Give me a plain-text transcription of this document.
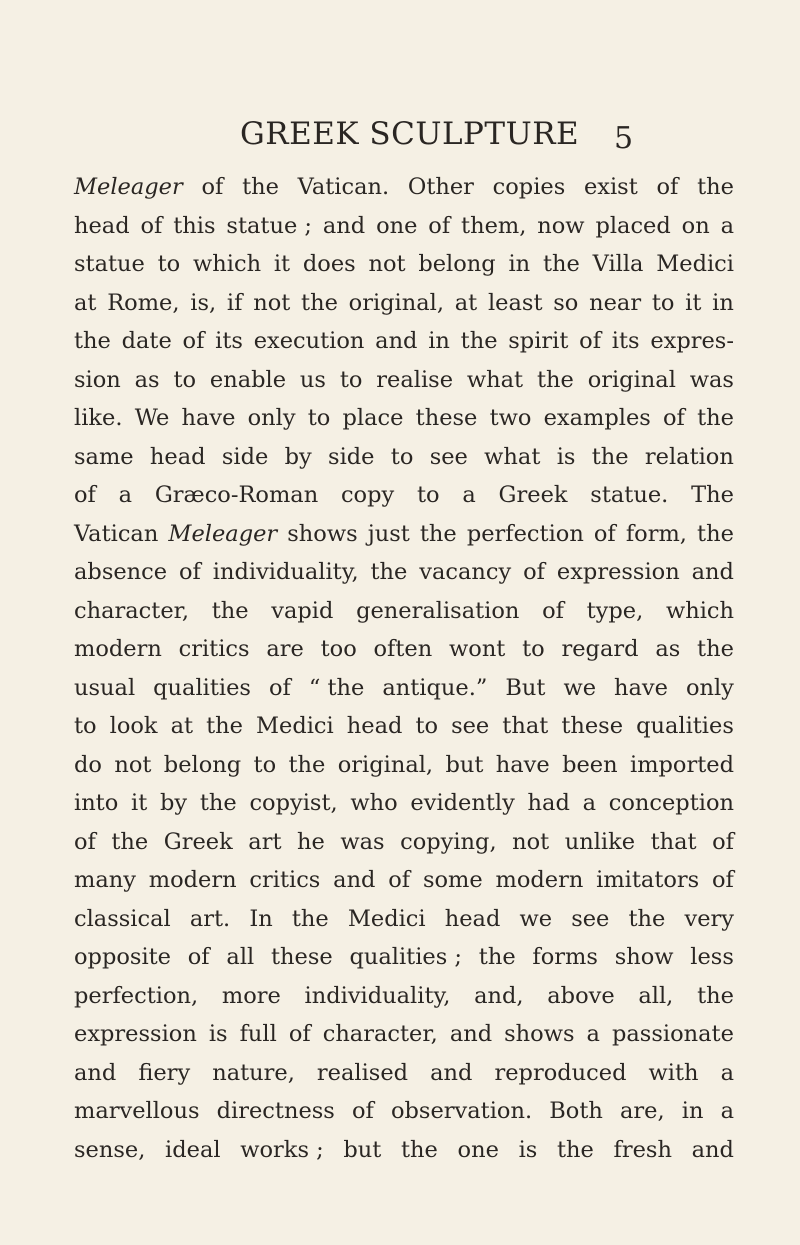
GREEK SCULPTURE 5
Meleager of the Vatican. Other copies exist of the
head of this statue ; and one of them, now placed on a
statue to which it does not belong in the Villa Medici
at Rome, is, if not the original, at least so near to it in
the date of its execution and in the spirit of its expres-
sion as to enable us to realise what the original was
like. We have only to place these two examples of the
same head side by side to see what is the relation
of a Græco-Roman copy to a Greek statue. The
Vatican Meleager shows just the perfection of form, the
absence of individuality, the vacancy of expression and
character, the vapid generalisation of type, which
modern critics are too often wont to regard as the
usual qualities of “ the antique.” But we have only
to look at the Medici head to see that these qualities
do not belong to the original, but have been imported
into it by the copyist, who evidently had a conception
of the Greek art he was copying, not unlike that of
many modern critics and of some modern imitators of
classical art. In the Medici head we see the very
opposite of all these qualities ; the forms show less
perfection, more individuality, and, above all, the
expression is full of character, and shows a passionate
and fiery nature, realised and reproduced with a
marvellous directness of observation. Both are, in a
sense, ideal works ; but the one is the fresh and
